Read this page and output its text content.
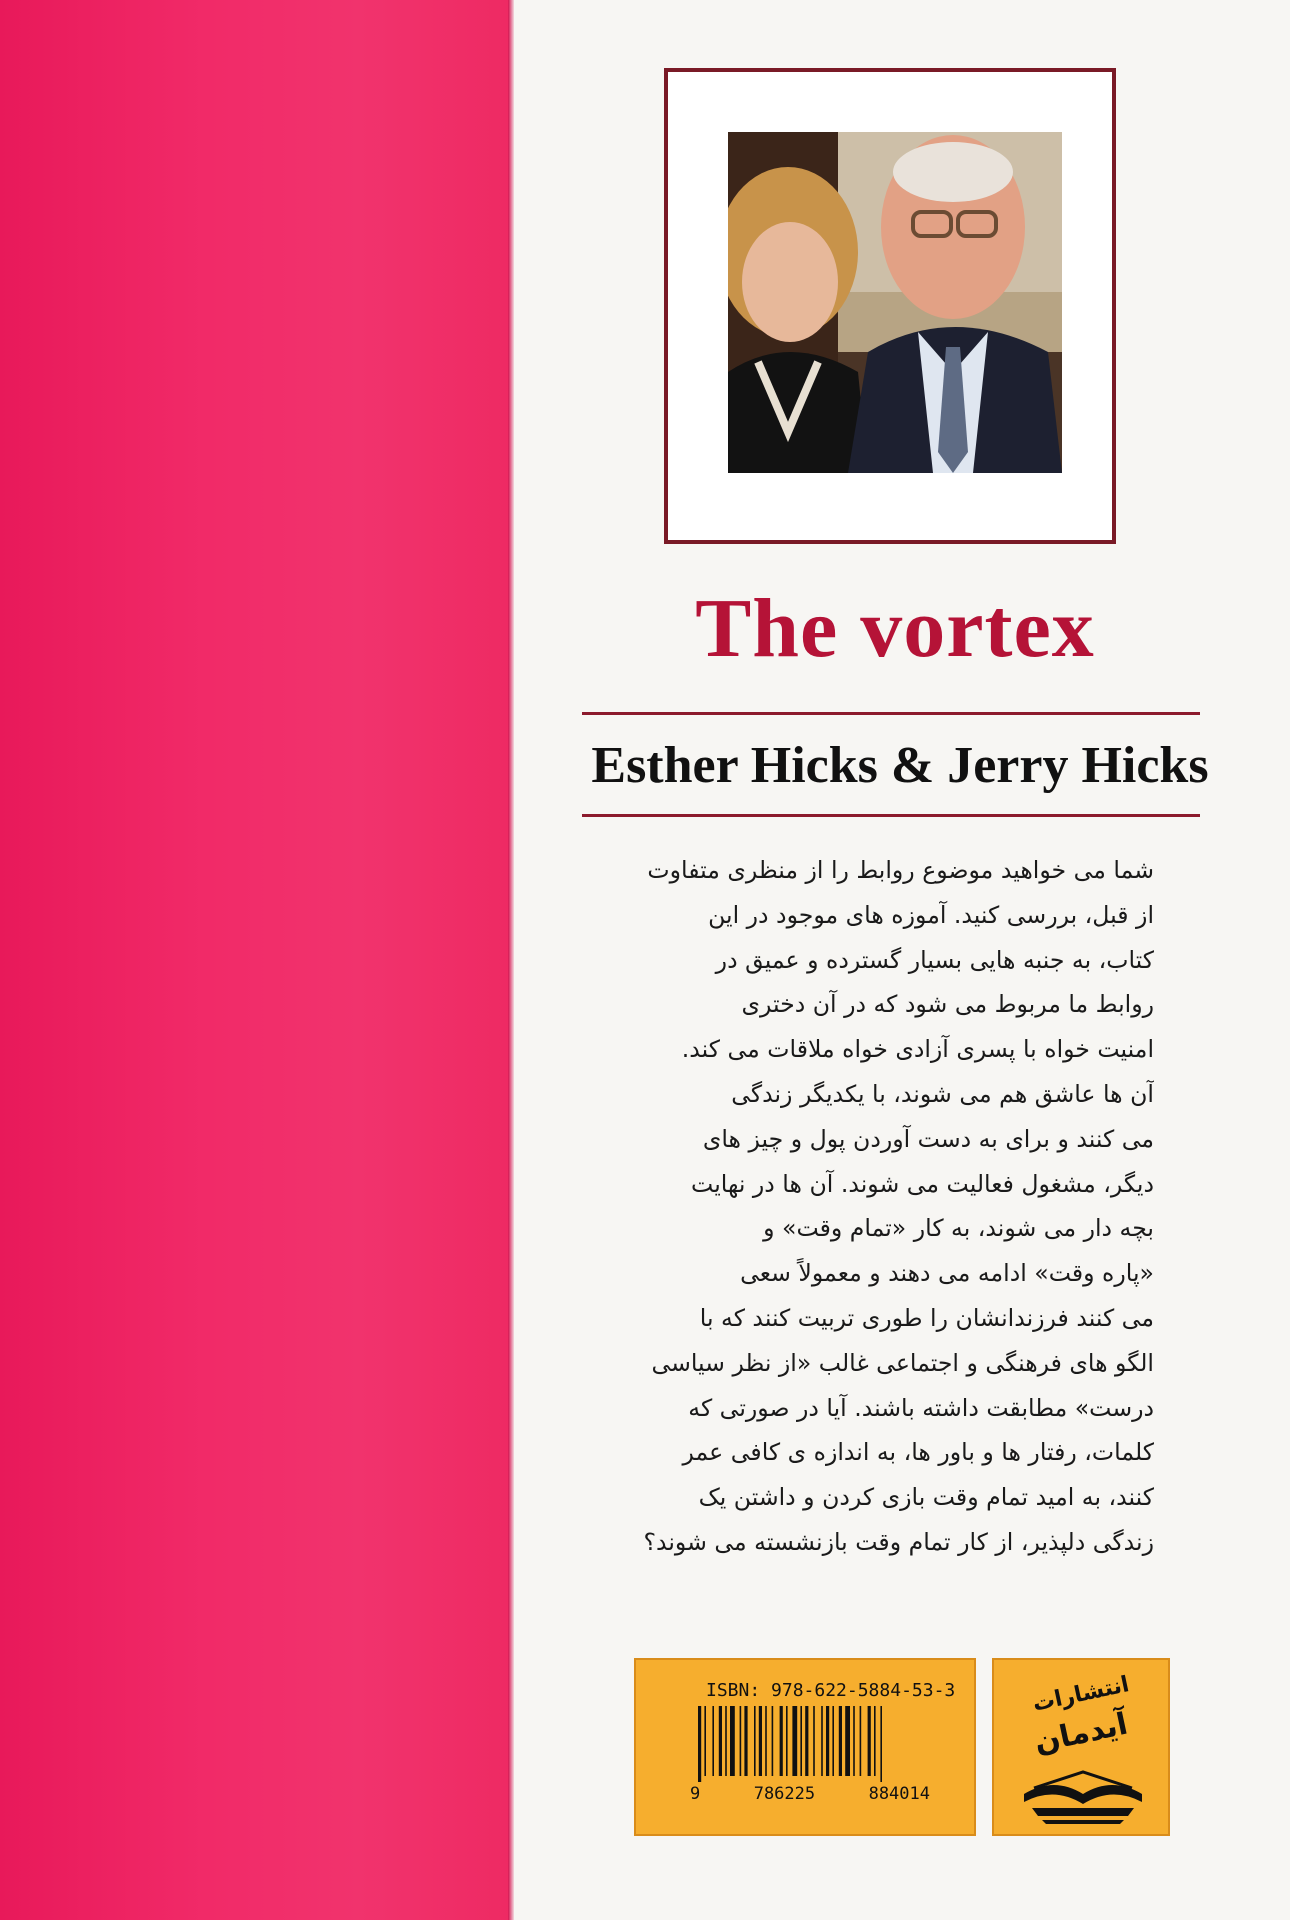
The vortex
Esther Hicks & Jerry Hicks
شما می خواهید موضوع روابط را از منظری متفاوت
از قبل، بررسی کنید. آموزه های موجود در این
کتاب، به جنبه هایی بسیار گسترده و عمیق در
روابط ما مربوط می شود که در آن دختری
امنیت خواه با پسری آزادی خواه ملاقات می کند.
آن ها عاشق هم می شوند، با یکدیگر زندگی
می کنند و برای به دست آوردن پول و چیز های
دیگر، مشغول فعالیت می شوند. آن ها در نهایت
بچه دار می شوند، به کار «تمام وقت» و
«پاره وقت» ادامه می دهند و معمولاً سعی
می کنند فرزندانشان را طوری تربیت کنند که با
الگو های فرهنگی و اجتماعی غالب «از نظر سیاسی
درست» مطابقت داشته باشند. آیا در صورتی که
کلمات، رفتار ها و باور ها، به اندازه ی کافی عمر
کنند، به امید تمام وقت بازی کردن و داشتن یک
زندگی دلپذیر، از کار تمام وقت بازنشسته می شوند؟
ISBN: 978-622-5884-53-3
9	786225	884014
انتشارات
آیدمان
